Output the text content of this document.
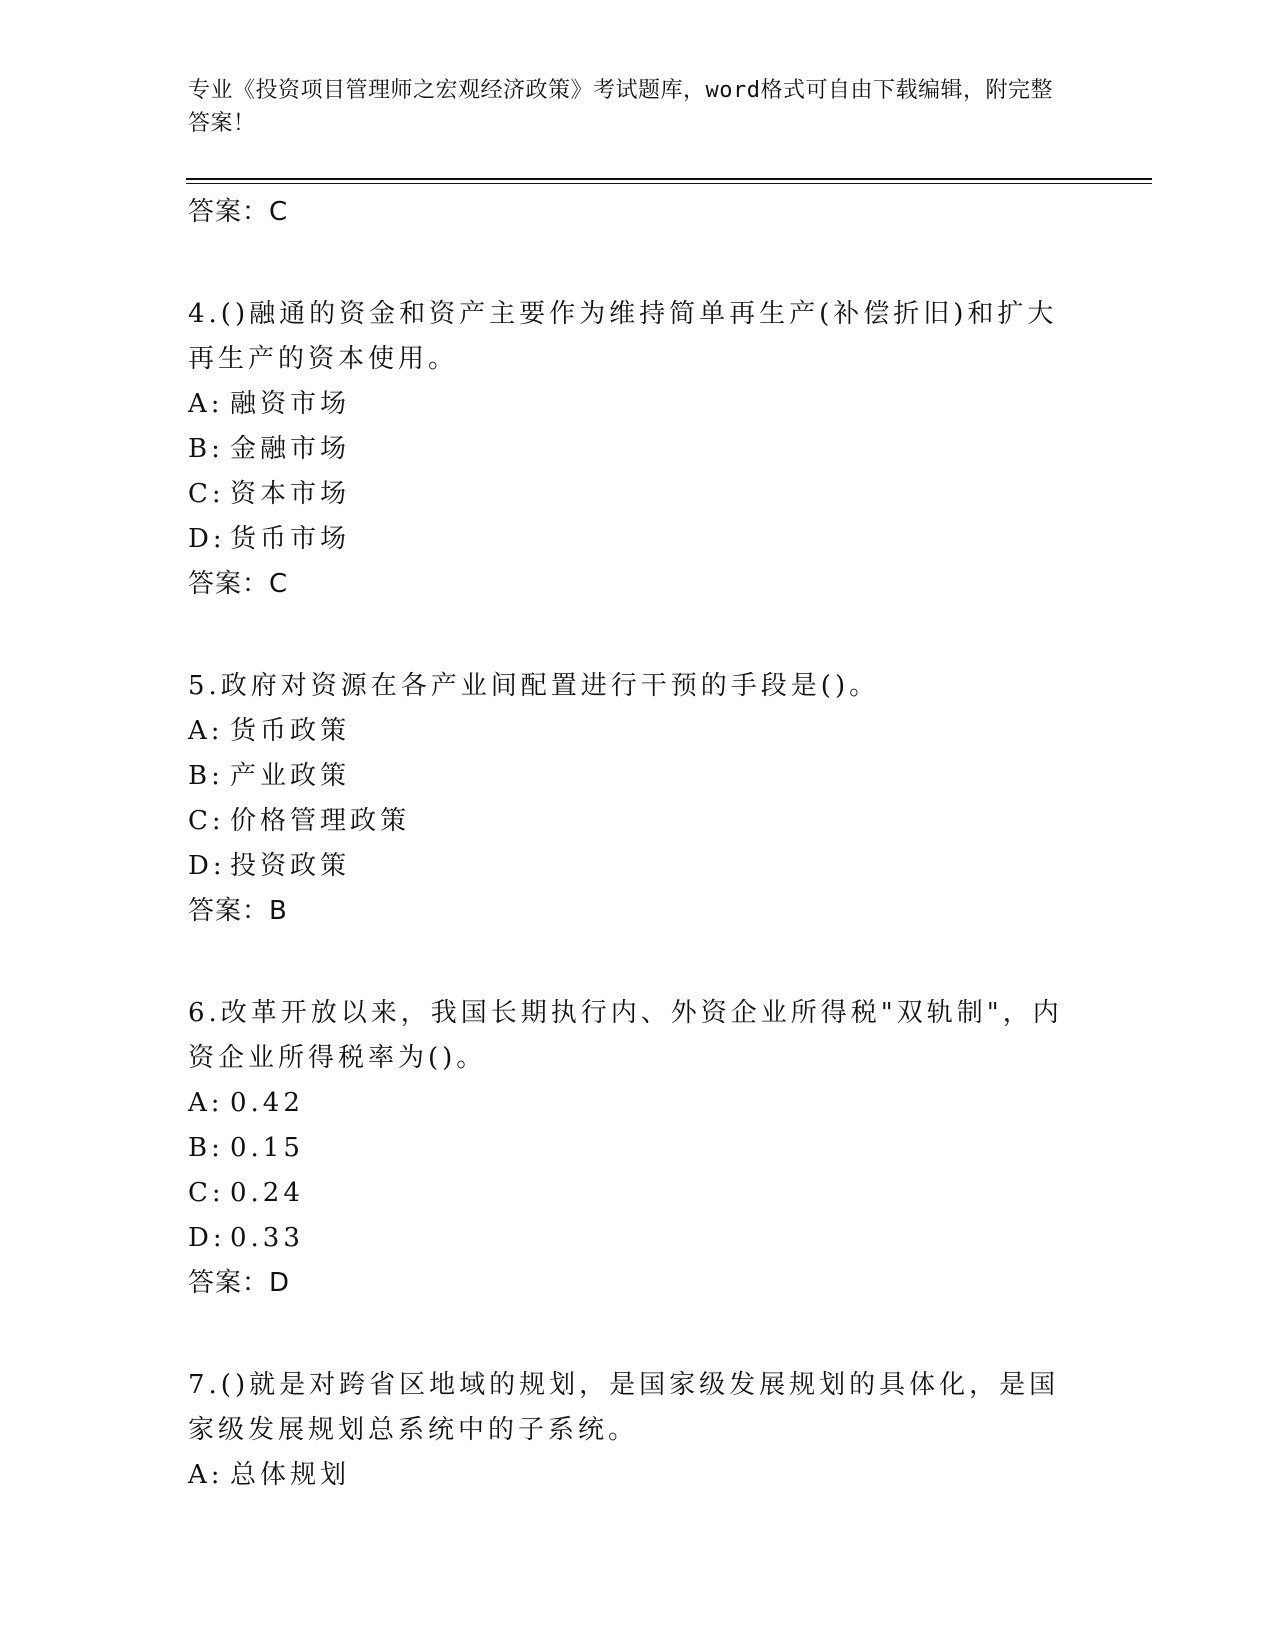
专业《投资项目管理师之宏观经济政策》考试题库，word格式可自由下载编辑，附完整答案！
答案：C
4.()融通的资金和资产主要作为维持简单再生产(补偿折旧)和扩大再生产的资本使用。
A: 融资市场
B: 金融市场
C: 资本市场
D: 货币市场
答案：C
5.政府对资源在各产业间配置进行干预的手段是()。
A: 货币政策
B: 产业政策
C: 价格管理政策
D: 投资政策
答案：B
6.改革开放以来，我国长期执行内、外资企业所得税"双轨制"，内资企业所得税率为()。
A: 0.42
B: 0.15
C: 0.24
D: 0.33
答案：D
7.()就是对跨省区地域的规划，是国家级发展规划的具体化，是国家级发展规划总系统中的子系统。
A: 总体规划
